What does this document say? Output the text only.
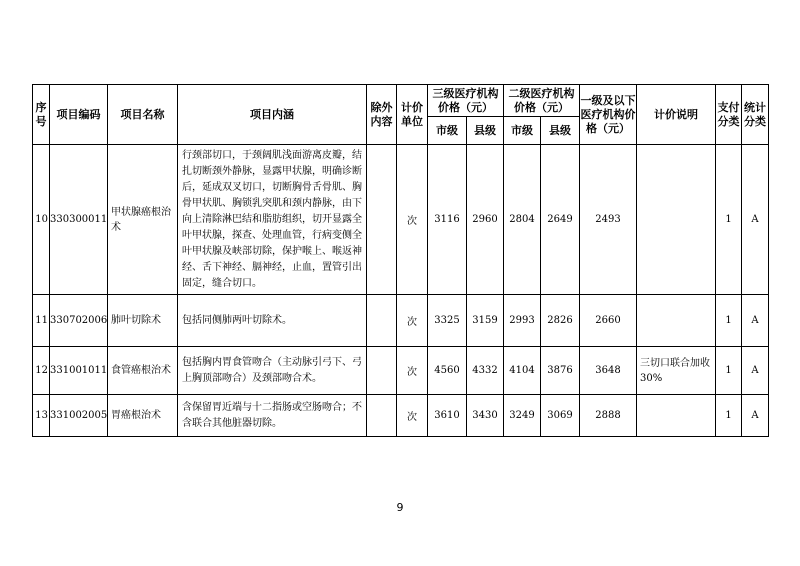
序号	项目编码	项目名称	项目内涵	除外内容	计价单位	三级医疗机构价格（元）		二级医疗机构价格（元）		一级及以下医疗机构价格（元）	计价说明	支付分类	统计分类
						市级	县级	市级	县级				
10	330300011	甲状腺癌根治术	行颈部切口，于颈阔肌浅面游离皮瓣，结扎切断颈外静脉，显露甲状腺，明确诊断后，延成双叉切口，切断胸骨舌骨肌、胸骨甲状肌、胸锁乳突肌和颈内静脉，由下向上清除淋巴结和脂肪组织，切开显露全叶甲状腺，探查、处理血管，行病变侧全叶甲状腺及峡部切除，保护喉上、喉返神经、舌下神经、膈神经，止血，置管引出固定，缝合切口。		次	3116	2960	2804	2649	2493		1	A
11	330702006	肺叶切除术	包括同侧肺两叶切除术。		次	3325	3159	2993	2826	2660		1	A
12	331001011	食管癌根治术	包括胸内胃食管吻合（主动脉引弓下、弓上胸顶部吻合）及颈部吻合术。		次	4560	4332	4104	3876	3648	三切口联合加收30%	1	A
13	331002005	胃癌根治术	含保留胃近端与十二指肠或空肠吻合；不含联合其他脏器切除。		次	3610	3430	3249	3069	2888		1	A
9
